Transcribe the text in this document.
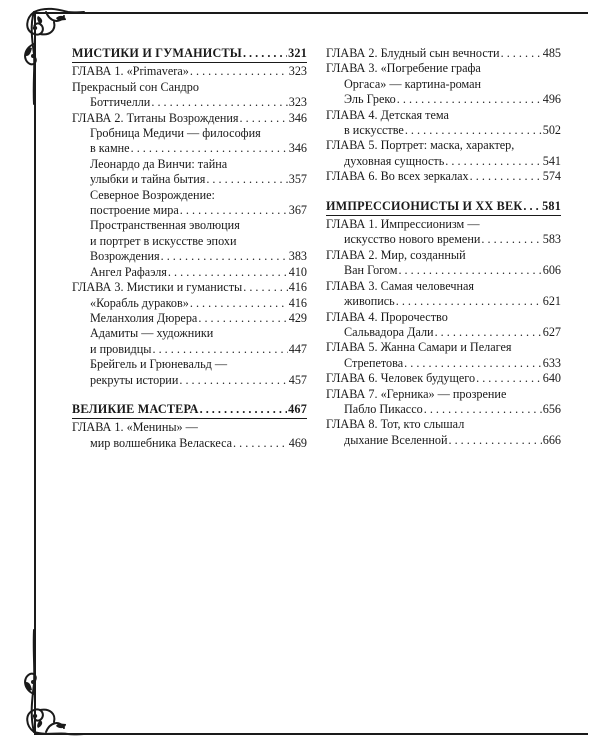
МИСТИКИ И ГУМАНИСТЫ . . .	321
ГЛАВА 1. «Primavera» . . .	323
Прекрасный сон Сандро
Боттичелли . . .	323
ГЛАВА 2. Титаны Возрождения . . .	346
Гробница Медичи — философия
в камне . . .	346
Леонардо да Винчи: тайна
улыбки и тайна бытия . . .	357
Северное Возрождение:
построение мира . . .	367
Пространственная эволюция
и портрет в искусстве эпохи
Возрождения . . .	383
Ангел Рафаэля . . .	410
ГЛАВА 3. Мистики и гуманисты . . .	416
«Корабль дураков» . . .	416
Меланхолия Дюрера . . .	429
Адамиты — художники
и провидцы . . .	447
Брейгель и Грюневальд —
рекруты истории . . .	457
ВЕЛИКИЕ МАСТЕРА . . .	467
ГЛАВА 1. «Менины» —
мир волшебника Веласкеса . . .	469
ГЛАВА 2. Блудный сын вечности . . .	485
ГЛАВА 3. «Погребение графа
Оргаса» — картина-роман
Эль Греко . . .	496
ГЛАВА 4. Детская тема
в искусстве . . .	502
ГЛАВА 5. Портрет: маска, характер,
духовная сущность . . .	541
ГЛАВА 6. Во всех зеркалах . . .	574
ИМПРЕССИОНИСТЫ И XX ВЕК . . . 581
ГЛАВА 1. Импрессионизм —
искусство нового времени . . .	583
ГЛАВА 2. Мир, созданный
Ван Гогом . . .	606
ГЛАВА 3. Самая человечная
живопись . . .	621
ГЛАВА 4. Пророчество
Сальвадора Дали . . .	627
ГЛАВА 5. Жанна Самари и Пелагея
Стрепетова . . .	633
ГЛАВА 6. Человек будущего . . .	640
ГЛАВА 7. «Герника» — прозрение
Пабло Пикассо . . .	656
ГЛАВА 8. Тот, кто слышал
дыхание Вселенной . . .	666
